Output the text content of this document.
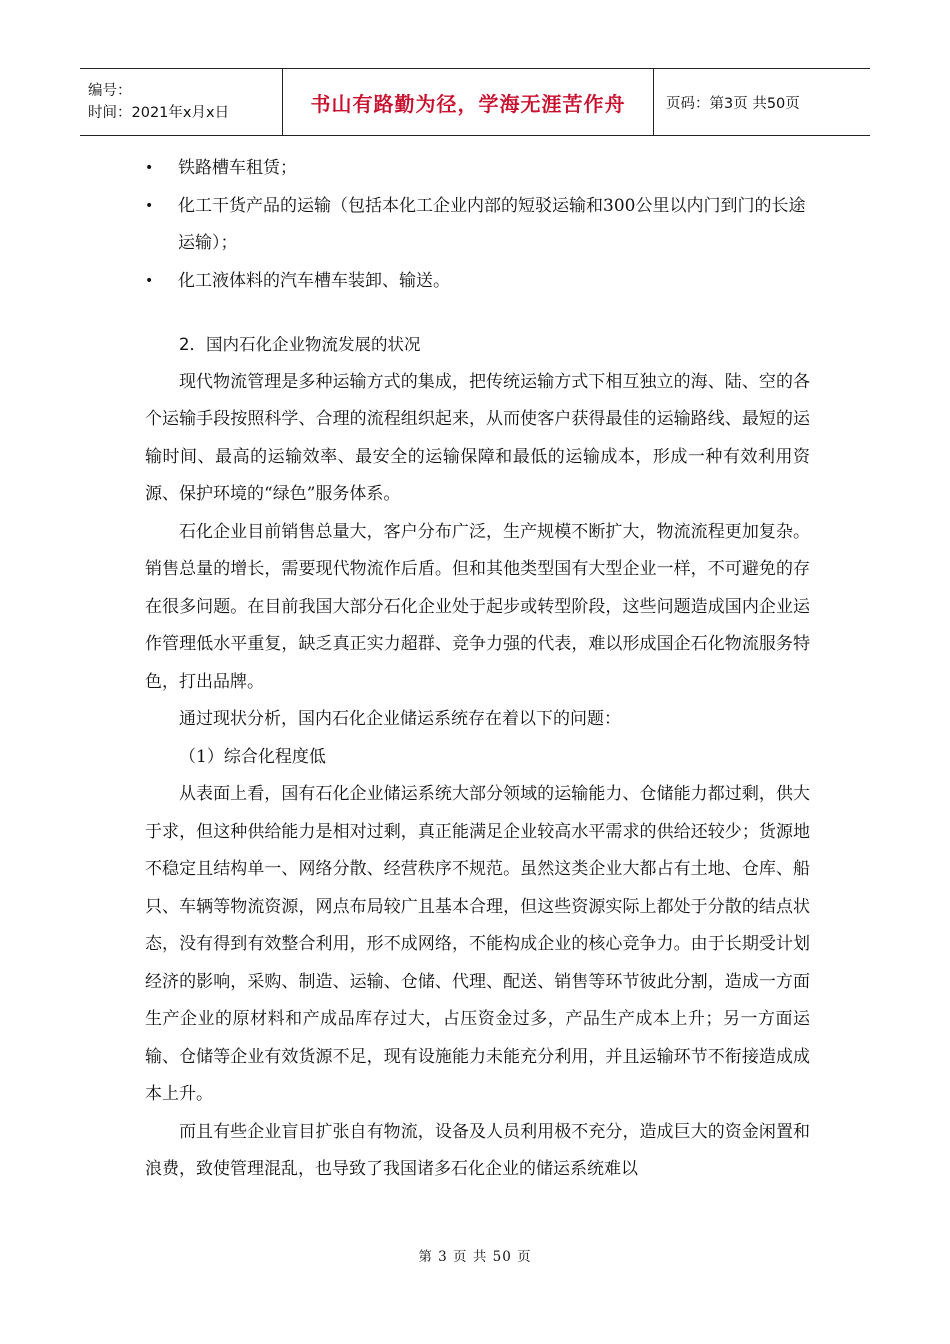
编号：
时间：2021年x月x日	书山有路勤为径，学海无涯苦作舟	页码：第3页 共50页

• 铁路槽车租赁；

• 化工干货产品的运输（包括本化工企业内部的短驳运输和300公里以内门到门的长途运输）；

• 化工液体料的汽车槽车装卸、输送。

2．国内石化企业物流发展的状况

现代物流管理是多种运输方式的集成，把传统运输方式下相互独立的海、陆、空的各个运输手段按照科学、合理的流程组织起来，从而使客户获得最佳的运输路线、最短的运输时间、最高的运输效率、最安全的运输保障和最低的运输成本，形成一种有效利用资源、保护环境的“绿色”服务体系。

石化企业目前销售总量大，客户分布广泛，生产规模不断扩大，物流流程更加复杂。销售总量的增长，需要现代物流作后盾。但和其他类型国有大型企业一样，不可避免的存在很多问题。在目前我国大部分石化企业处于起步或转型阶段，这些问题造成国内企业运作管理低水平重复，缺乏真正实力超群、竞争力强的代表，难以形成国企石化物流服务特色，打出品牌。

通过现状分析，国内石化企业储运系统存在着以下的问题：

（1）综合化程度低

从表面上看，国有石化企业储运系统大部分领域的运输能力、仓储能力都过剩，供大于求，但这种供给能力是相对过剩，真正能满足企业较高水平需求的供给还较少；货源地不稳定且结构单一、网络分散、经营秩序不规范。虽然这类企业大都占有土地、仓库、船只、车辆等物流资源，网点布局较广且基本合理，但这些资源实际上都处于分散的结点状态，没有得到有效整合利用，形不成网络，不能构成企业的核心竞争力。由于长期受计划经济的影响，采购、制造、运输、仓储、代理、配送、销售等环节彼此分割，造成一方面生产企业的原材料和产成品库存过大，占压资金过多，产品生产成本上升；另一方面运输、仓储等企业有效货源不足，现有设施能力未能充分利用，并且运输环节不衔接造成成本上升。

而且有些企业盲目扩张自有物流，设备及人员利用极不充分，造成巨大的资金闲置和浪费，致使管理混乱，也导致了我国诸多石化企业的储运系统难以

第 3 页 共 50 页
